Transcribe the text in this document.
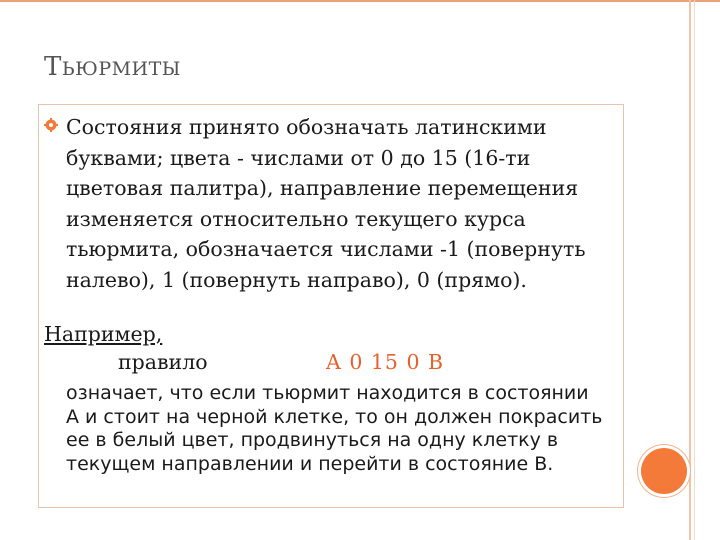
ТЬЮРМИТЫ
Состояния принято обозначать латинскими буквами; цвета - числами от 0 до 15 (16-ти цветовая палитра), направление перемещения изменяется относительно текущего курса тьюрмита, обозначается числами -1 (повернуть налево), 1 (повернуть направо), 0 (прямо).
Например,
правило	A 0 15 0 B
означает, что если тьюрмит находится в состоянии A и стоит на черной клетке, то он должен покрасить ее в белый цвет, продвинуться на одну клетку в текущем направлении и перейти в состояние B.
